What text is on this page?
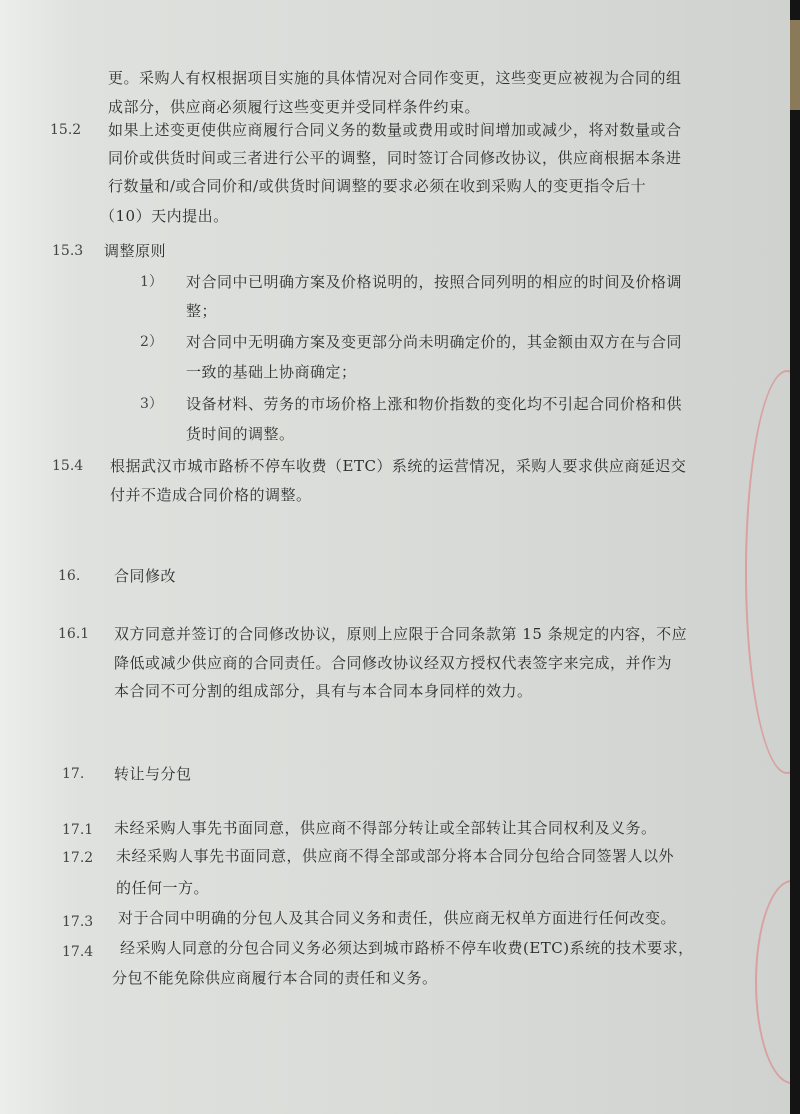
更。采购人有权根据项目实施的具体情况对合同作变更，这些变更应被视为合同的组
成部分，供应商必须履行这些变更并受同样条件约束。
15.2 如果上述变更使供应商履行合同义务的数量或费用或时间增加或减少，将对数量或合
同价或供货时间或三者进行公平的调整，同时签订合同修改协议，供应商根据本条进
行数量和/或合同价和/或供货时间调整的要求必须在收到采购人的变更指令后十
（10）天内提出。
15.3 调整原则
1） 对合同中已明确方案及价格说明的，按照合同列明的相应的时间及价格调
整；
2） 对合同中无明确方案及变更部分尚未明确定价的，其金额由双方在与合同
一致的基础上协商确定；
3） 设备材料、劳务的市场价格上涨和物价指数的变化均不引起合同价格和供
货时间的调整。
15.4 根据武汉市城市路桥不停车收费（ETC）系统的运营情况，采购人要求供应商延迟交
付并不造成合同价格的调整。
16. 合同修改
16.1 双方同意并签订的合同修改协议，原则上应限于合同条款第 15 条规定的内容，不应
降低或减少供应商的合同责任。合同修改协议经双方授权代表签字来完成，并作为
本合同不可分割的组成部分，具有与本合同本身同样的效力。
17. 转让与分包
17.1 未经采购人事先书面同意，供应商不得部分转让或全部转让其合同权利及义务。
17.2 未经采购人事先书面同意，供应商不得全部或部分将本合同分包给合同签署人以外
的任何一方。
17.3 对于合同中明确的分包人及其合同义务和责任，供应商无权单方面进行任何改变。
17.4 经采购人同意的分包合同义务必须达到城市路桥不停车收费(ETC)系统的技术要求，
分包不能免除供应商履行本合同的责任和义务。
